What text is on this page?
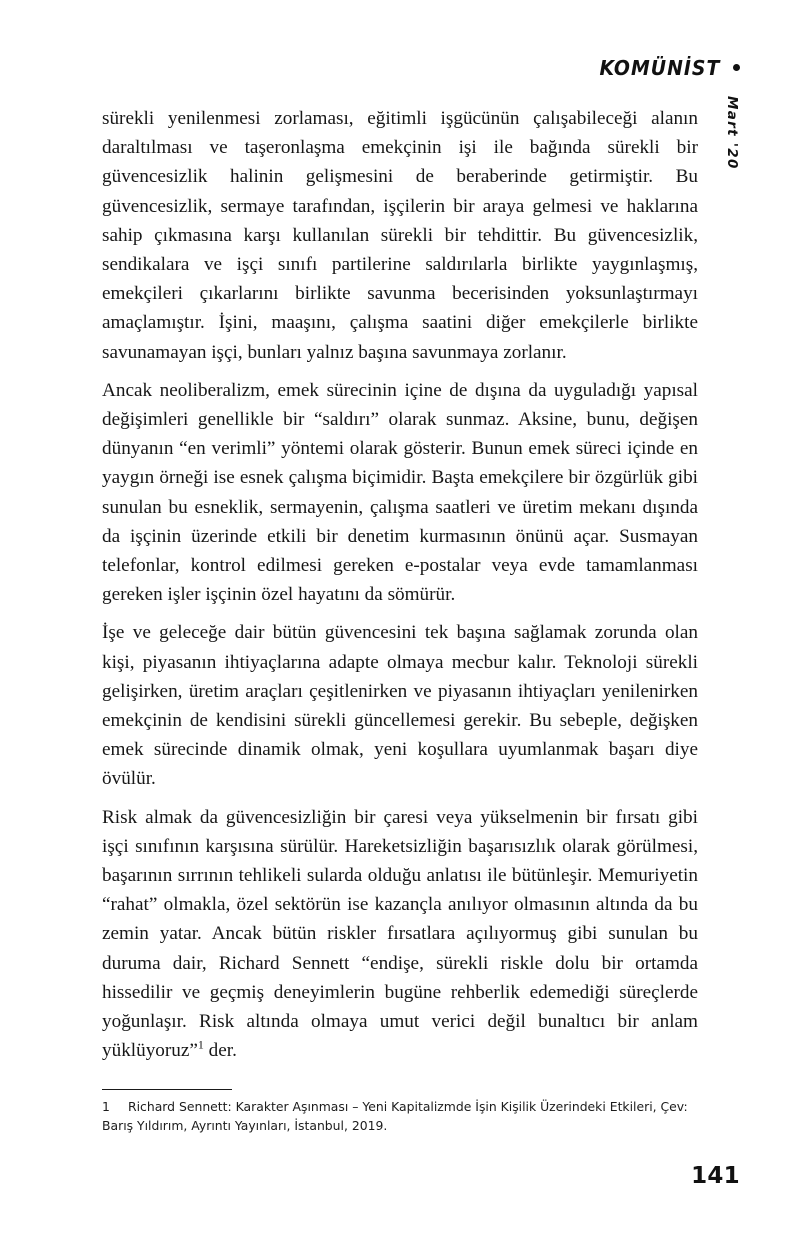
KOMÜNİST
Mart '20

sürekli yenilenmesi zorlaması, eğitimli işgücünün çalışabileceği alanın daraltılması ve taşeronlaşma emekçinin işi ile bağında sürekli bir güvencesizlik halinin gelişmesini de beraberinde getirmiştir. Bu güvencesizlik, sermaye tarafından, işçilerin bir araya gelmesi ve haklarına sahip çıkmasına karşı kullanılan sürekli bir tehdittir. Bu güvencesizlik, sendikalara ve işçi sınıfı partilerine saldırılarla birlikte yaygınlaşmış, emekçileri çıkarlarını birlikte savunma becerisinden yoksunlaştırmayı amaçlamıştır. İşini, maaşını, çalışma saatini diğer emekçilerle birlikte savunamayan işçi, bunları yalnız başına savunmaya zorlanır.

Ancak neoliberalizm, emek sürecinin içine de dışına da uyguladığı yapısal değişimleri genellikle bir “saldırı” olarak sunmaz. Aksine, bunu, değişen dünyanın “en verimli” yöntemi olarak gösterir. Bunun emek süreci içinde en yaygın örneği ise esnek çalışma biçimidir. Başta emekçilere bir özgürlük gibi sunulan bu esneklik, sermayenin, çalışma saatleri ve üretim mekanı dışında da işçinin üzerinde etkili bir denetim kurmasının önünü açar. Susmayan telefonlar, kontrol edilmesi gereken e-postalar veya evde tamamlanması gereken işler işçinin özel hayatını da sömürür.

İşe ve geleceğe dair bütün güvencesini tek başına sağlamak zorunda olan kişi, piyasanın ihtiyaçlarına adapte olmaya mecbur kalır. Teknoloji sürekli gelişirken, üretim araçları çeşitlenirken ve piyasanın ihtiyaçları yenilenirken emekçinin de kendisini sürekli güncellemesi gerekir. Bu sebeple, değişken emek sürecinde dinamik olmak, yeni koşullara uyumlanmak başarı diye övülür.

Risk almak da güvencesizliğin bir çaresi veya yükselmenin bir fırsatı gibi işçi sınıfının karşısına sürülür. Hareketsizliğin başarısızlık olarak görülmesi, başarının sırrının tehlikeli sularda olduğu anlatısı ile bütünleşir. Memuriyetin “rahat” olmakla, özel sektörün ise kazançla anılıyor olmasının altında da bu zemin yatar. Ancak bütün riskler fırsatlara açılıyormuş gibi sunulan bu duruma dair, Richard Sennett “endişe, sürekli riskle dolu bir ortamda hissedilir ve geçmiş deneyimlerin bugüne rehberlik edemediği süreçlerde yoğunlaşır. Risk altında olmaya umut verici değil bunaltıcı bir anlam yüklüyoruz”$^1$ der.

1 Richard Sennett: Karakter Aşınması – Yeni Kapitalizmde İşin Kişilik Üzerindeki Etkileri, Çev: Barış Yıldırım, Ayrıntı Yayınları, İstanbul, 2019.
141
